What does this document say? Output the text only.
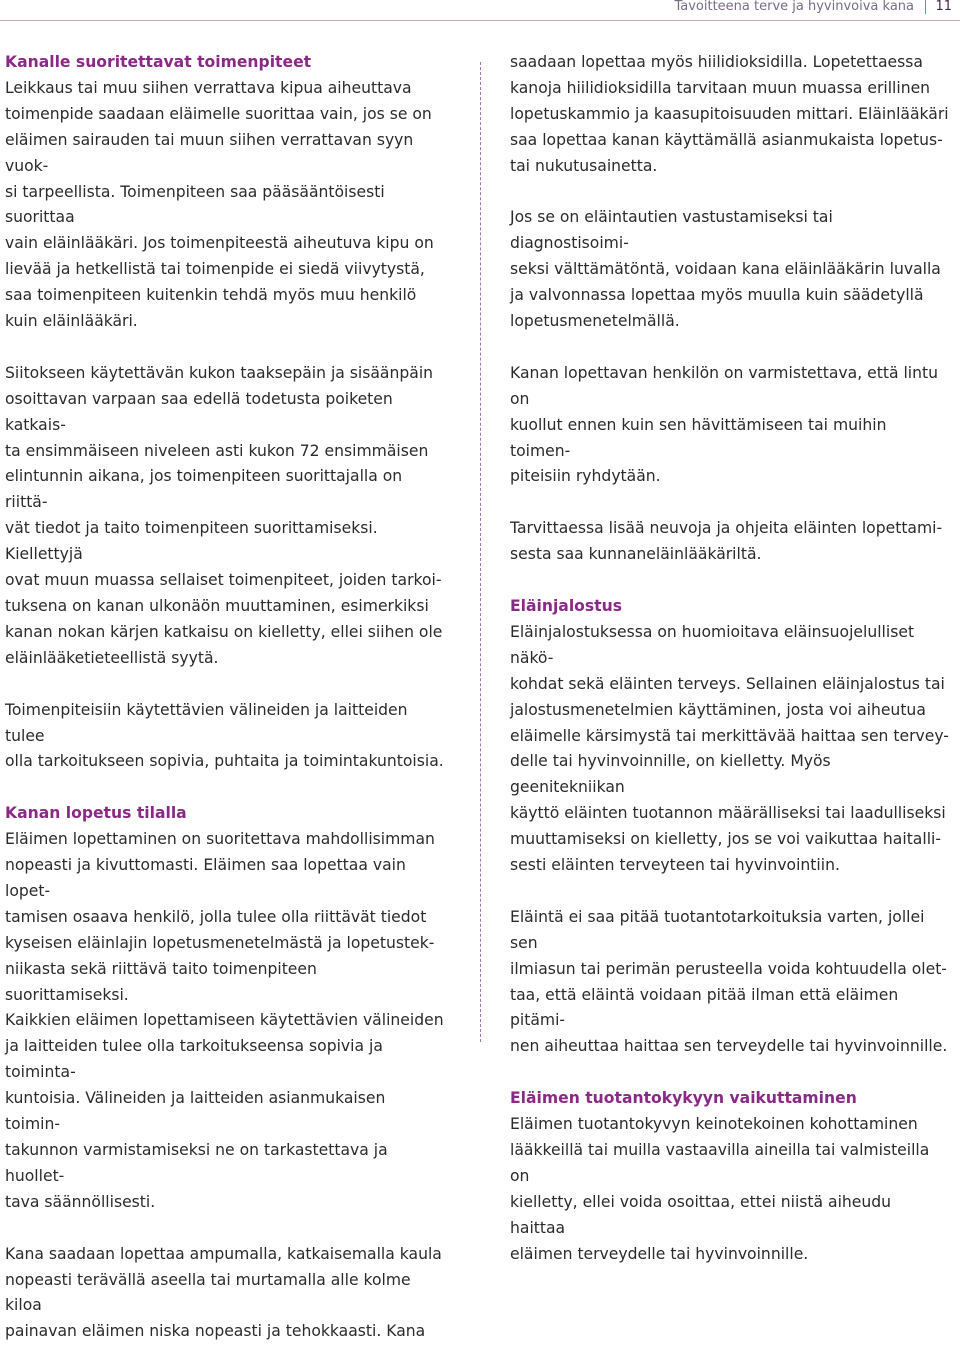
Tavoitteena terve ja hyvinvoiva kana 11
Kanalle suoritettavat toimenpiteet

Leikkaus tai muu siihen verrattava kipua aiheuttava
toimenpide saadaan eläimelle suorittaa vain, jos se on
eläimen sairauden tai muun siihen verrattavan syyn vuok-
si tarpeellista. Toimenpiteen saa pääsääntöisesti suorittaa
vain eläinlääkäri. Jos toimenpiteestä aiheutuva kipu on
lievää ja hetkellistä tai toimenpide ei siedä viivytystä,
saa toimenpiteen kuitenkin tehdä myös muu henkilö
kuin eläinlääkäri.

Siitokseen käytettävän kukon taaksepäin ja sisäänpäin
osoittavan varpaan saa edellä todetusta poiketen katkais-
ta ensimmäiseen niveleen asti kukon 72 ensimmäisen
elintunnin aikana, jos toimenpiteen suorittajalla on riittä-
vät tiedot ja taito toimenpiteen suorittamiseksi. Kiellettyjä
ovat muun muassa sellaiset toimenpiteet, joiden tarkoi-
tuksena on kanan ulkonäön muuttaminen, esimerkiksi
kanan nokan kärjen katkaisu on kielletty, ellei siihen ole
eläinlääketieteellistä syytä.

Toimenpiteisiin käytettävien välineiden ja laitteiden tulee
olla tarkoitukseen sopivia, puhtaita ja toimintakuntoisia.

Kanan lopetus tilalla

Eläimen lopettaminen on suoritettava mahdollisimman
nopeasti ja kivuttomasti. Eläimen saa lopettaa vain lopet-
tamisen osaava henkilö, jolla tulee olla riittävät tiedot
kyseisen eläinlajin lopetusmenetelmästä ja lopetustek-
niikasta sekä riittävä taito toimenpiteen suorittamiseksi.
Kaikkien eläimen lopettamiseen käytettävien välineiden
ja laitteiden tulee olla tarkoitukseensa sopivia ja toiminta-
kuntoisia. Välineiden ja laitteiden asianmukaisen toimin-
takunnon varmistamiseksi ne on tarkastettava ja huollet-
tava säännöllisesti.

Kana saadaan lopettaa ampumalla, katkaisemalla kaula
nopeasti terävällä aseella tai murtamalla alle kolme kiloa
painavan eläimen niska nopeasti ja tehokkaasti. Kana

saadaan lopettaa myös hiilidioksidilla. Lopetettaessa
kanoja hiilidioksidilla tarvitaan muun muassa erillinen
lopetuskammio ja kaasupitoisuuden mittari. Eläinlääkäri
saa lopettaa kanan käyttämällä asianmukaista lopetus-
tai nukutusainetta.

Jos se on eläintautien vastustamiseksi tai diagnostisoimi-
seksi välttämätöntä, voidaan kana eläinlääkärin luvalla
ja valvonnassa lopettaa myös muulla kuin säädetyllä
lopetusmenetelmällä.

Kanan lopettavan henkilön on varmistettava, että lintu on
kuollut ennen kuin sen hävittämiseen tai muihin toimen-
piteisiin ryhdytään.

Tarvittaessa lisää neuvoja ja ohjeita eläinten lopettami-
sesta saa kunnaneläinlääkäriltä.

Eläinjalostus

Eläinjalostuksessa on huomioitava eläinsuojelulliset näkö-
kohdat sekä eläinten terveys. Sellainen eläinjalostus tai
jalostusmenetelmien käyttäminen, josta voi aiheutua
eläimelle kärsimystä tai merkittävää haittaa sen tervey-
delle tai hyvinvoinnille, on kielletty. Myös geenitekniikan
käyttö eläinten tuotannon määrälliseksi tai laadulliseksi
muuttamiseksi on kielletty, jos se voi vaikuttaa haitalli-
sesti eläinten terveyteen tai hyvinvointiin.

Eläintä ei saa pitää tuotantotarkoituksia varten, jollei sen
ilmiasun tai perimän perusteella voida kohtuudella olet-
taa, että eläintä voidaan pitää ilman että eläimen pitämi-
nen aiheuttaa haittaa sen terveydelle tai hyvinvoinnille.

Eläimen tuotantokykyyn vaikuttaminen

Eläimen tuotantokyvyn keinotekoinen kohottaminen
lääkkeillä tai muilla vastaavilla aineilla tai valmisteilla on
kielletty, ellei voida osoittaa, ettei niistä aiheudu haittaa
eläimen terveydelle tai hyvinvoinnille.
